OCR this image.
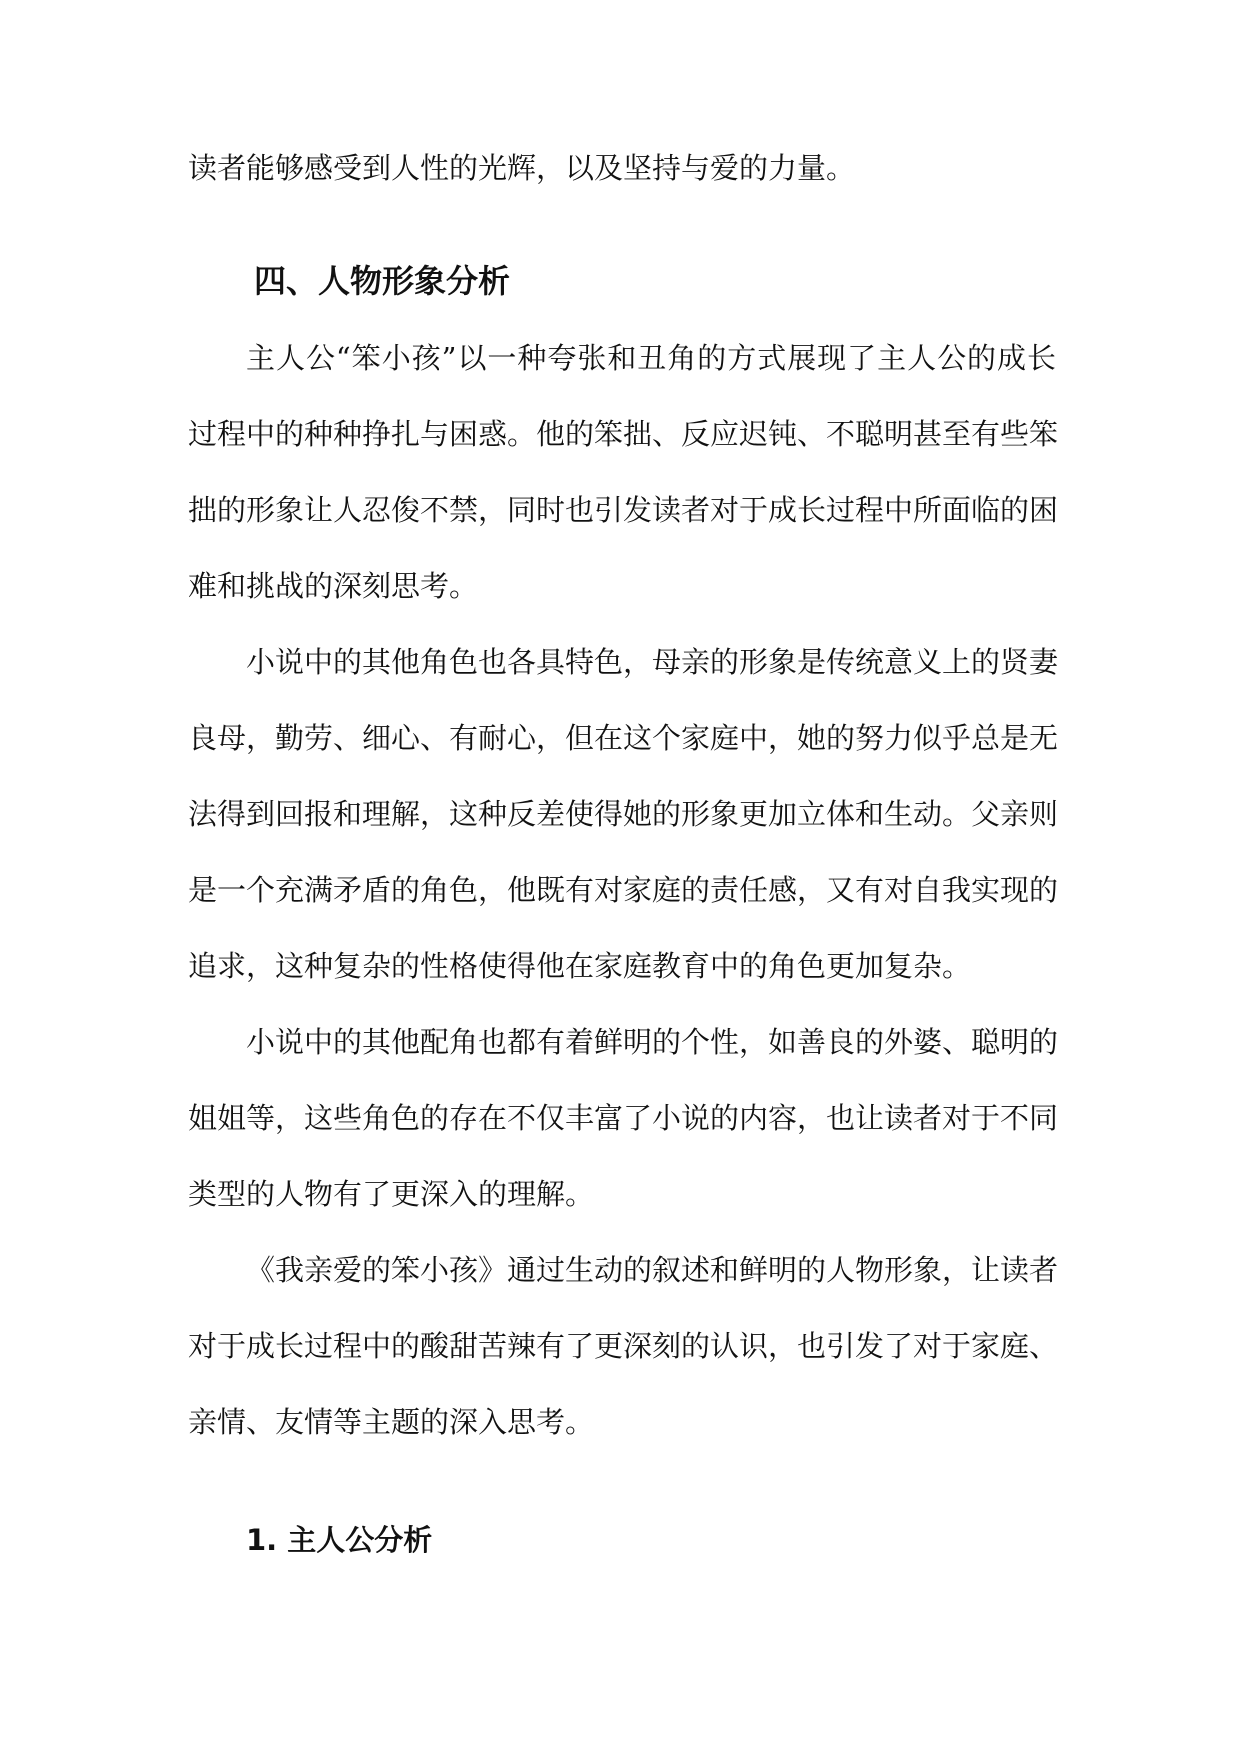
读者能够感受到人性的光辉，以及坚持与爱的力量。
四、人物形象分析
主人公“笨小孩”以一种夸张和丑角的方式展现了主人公的成长
过程中的种种挣扎与困惑。他的笨拙、反应迟钝、不聪明甚至有些笨
拙的形象让人忍俊不禁，同时也引发读者对于成长过程中所面临的困
难和挑战的深刻思考。
小说中的其他角色也各具特色，母亲的形象是传统意义上的贤妻
良母，勤劳、细心、有耐心，但在这个家庭中，她的努力似乎总是无
法得到回报和理解，这种反差使得她的形象更加立体和生动。父亲则
是一个充满矛盾的角色，他既有对家庭的责任感，又有对自我实现的
追求，这种复杂的性格使得他在家庭教育中的角色更加复杂。
小说中的其他配角也都有着鲜明的个性，如善良的外婆、聪明的
姐姐等，这些角色的存在不仅丰富了小说的内容，也让读者对于不同
类型的人物有了更深入的理解。
《我亲爱的笨小孩》通过生动的叙述和鲜明的人物形象，让读者
对于成长过程中的酸甜苦辣有了更深刻的认识，也引发了对于家庭、
亲情、友情等主题的深入思考。
1. 主人公分析
